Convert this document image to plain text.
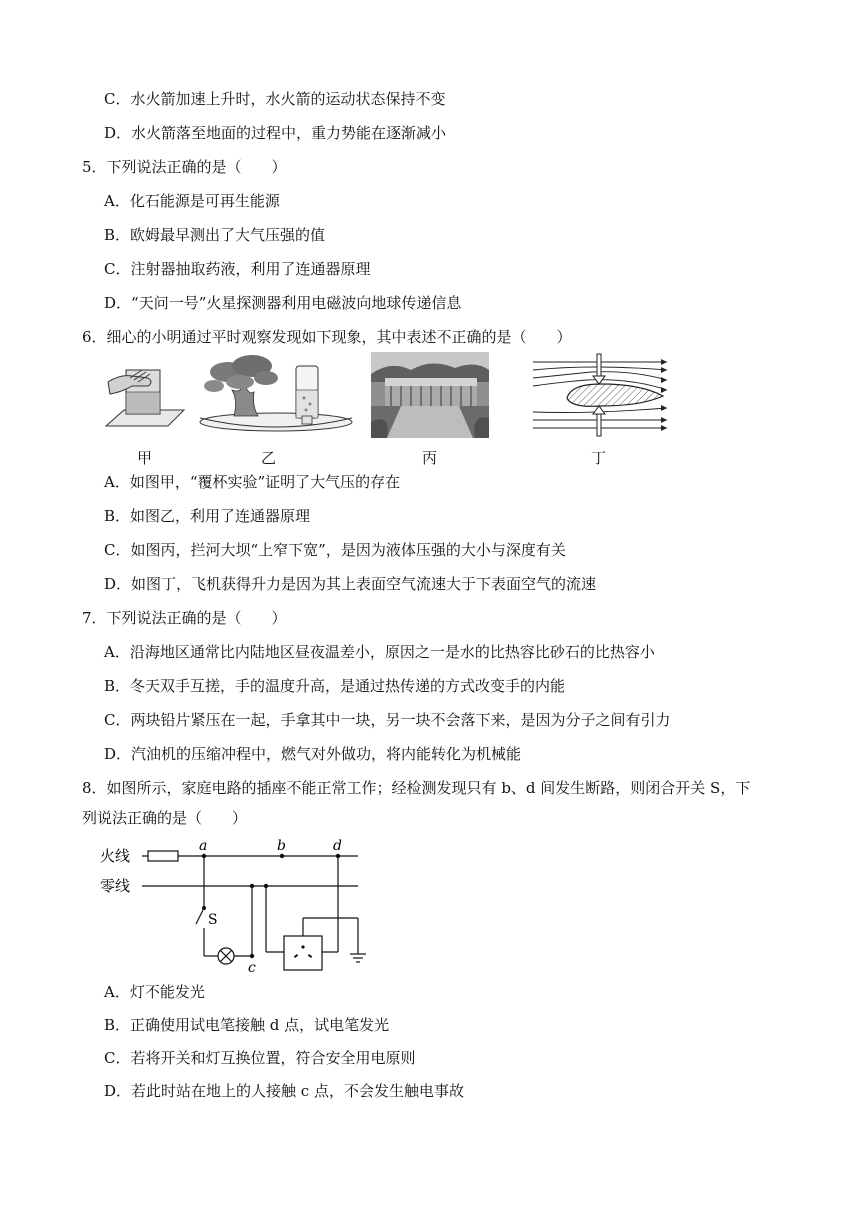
C．水火箭加速上升时，水火箭的运动状态保持不变
D．水火箭落至地面的过程中，重力势能在逐渐减小
5．下列说法正确的是（　　）
A．化石能源是可再生能源
B．欧姆最早测出了大气压强的值
C．注射器抽取药液，利用了连通器原理
D．“天问一号”火星探测器利用电磁波向地球传递信息
6．细心的小明通过平时观察发现如下现象，其中表述不正确的是（　　）
甲	乙	丙	丁
A．如图甲，“覆杯实验”证明了大气压的存在
B．如图乙，利用了连通器原理
C．如图丙，拦河大坝“上窄下宽”，是因为液体压强的大小与深度有关
D．如图丁，飞机获得升力是因为其上表面空气流速大于下表面空气的流速
7．下列说法正确的是（　　）
A．沿海地区通常比内陆地区昼夜温差小，原因之一是水的比热容比砂石的比热容小
B．冬天双手互搓，手的温度升高，是通过热传递的方式改变手的内能
C．两块铅片紧压在一起，手拿其中一块，另一块不会落下来，是因为分子之间有引力
D．汽油机的压缩冲程中，燃气对外做功，将内能转化为机械能
8．如图所示，家庭电路的插座不能正常工作；经检测发现只有 b、d 间发生断路，则闭合开关 S，下
列说法正确的是（　　）
火线
零线
a	b	d
c
S
A．灯不能发光
B．正确使用试电笔接触 d 点，试电笔发光
C．若将开关和灯互换位置，符合安全用电原则
D．若此时站在地上的人接触 c 点，不会发生触电事故
